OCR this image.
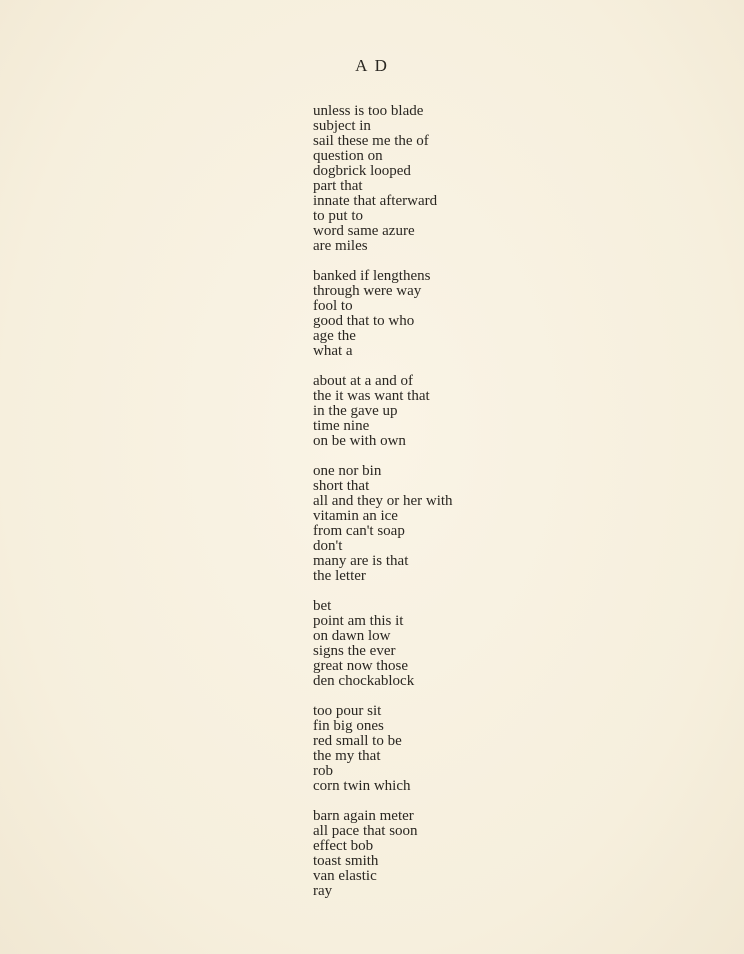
A D
unless is too blade
subject in
sail these me the of
question on
dogbrick looped
part that
innate that afterward
to put to
word same azure
are miles
banked if lengthens
through were way
fool to
good that to who
age the
what a
about at a and of
the it was want that
in the gave up
time nine
on be with own
one nor bin
short that
all and they or her with
vitamin an ice
from can't soap
don't
many are is that
the letter
bet
point am this it
on dawn low
signs the ever
great now those
den chockablock
too pour sit
fin big ones
red small to be
the my that
rob
corn twin which
barn again meter
all pace that soon
effect bob
toast smith
van elastic
ray
